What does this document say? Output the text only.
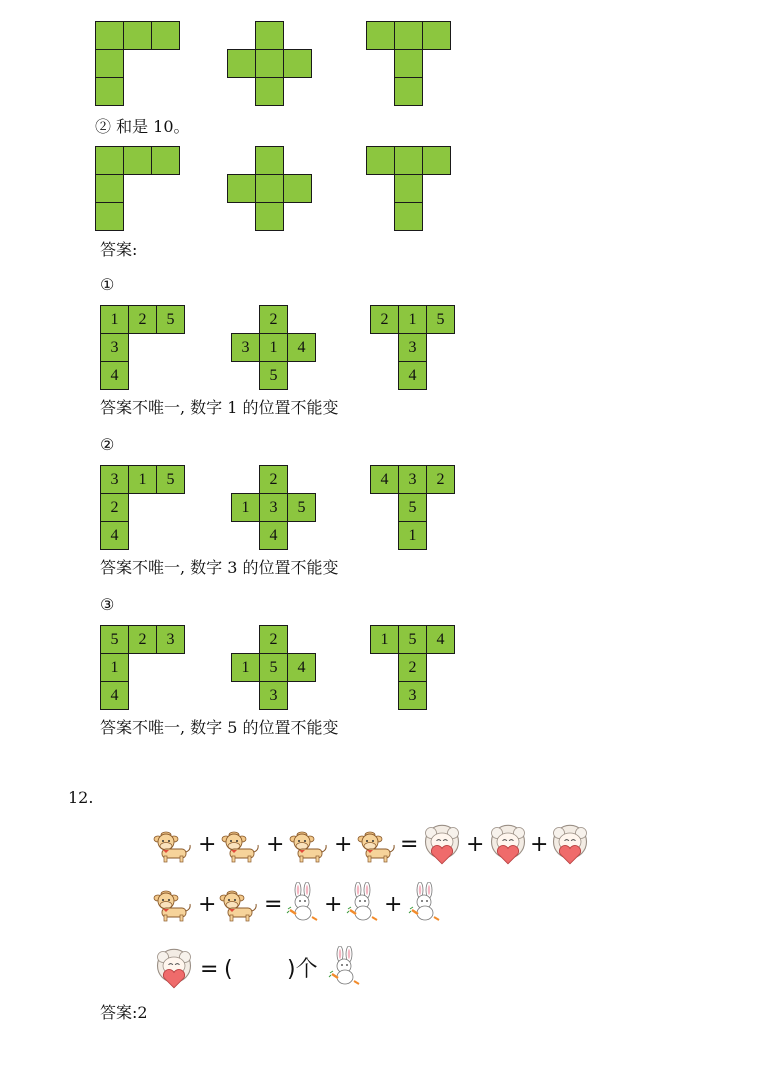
② 和是 10。
答案:
①
1	2	5
3
4
2
3	1	4
5
2	1	5
3
4
答案不唯一, 数字 1 的位置不能变
②
3	1	5
2
4
2
1	3	5
4
4	3	2
5
1
答案不唯一, 数字 3 的位置不能变
③
5	2	3
1
4
2
1	5	4
3
1	5	4
2
3
答案不唯一, 数字 5 的位置不能变
12.
+ + + = + +
+ = + +
= ( )个
答案:2
